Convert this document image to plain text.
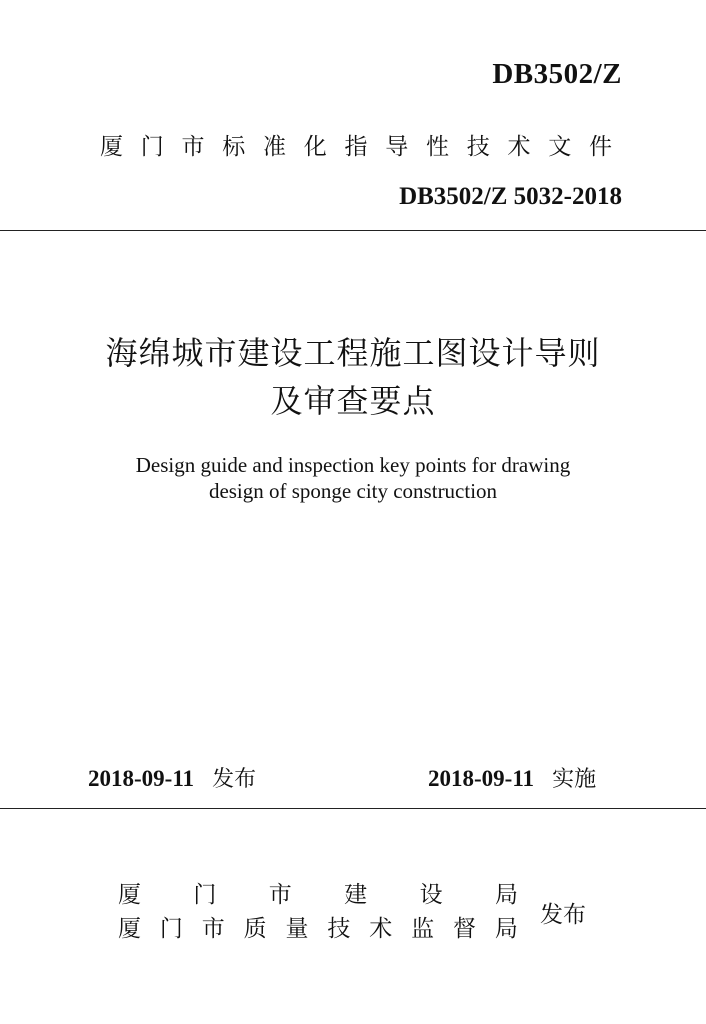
DB3502/Z
厦 门 市 标 准 化 指 导 性 技 术 文 件
DB3502/Z 5032-2018
海绵城市建设工程施工图设计导则
及审查要点
Design guide and inspection key points for drawing
design of sponge city construction
2018-09-11 发布	2018-09-11 实施
厦 门 市 建 设 局
厦 门 市 质 量 技 术 监 督 局
发布
